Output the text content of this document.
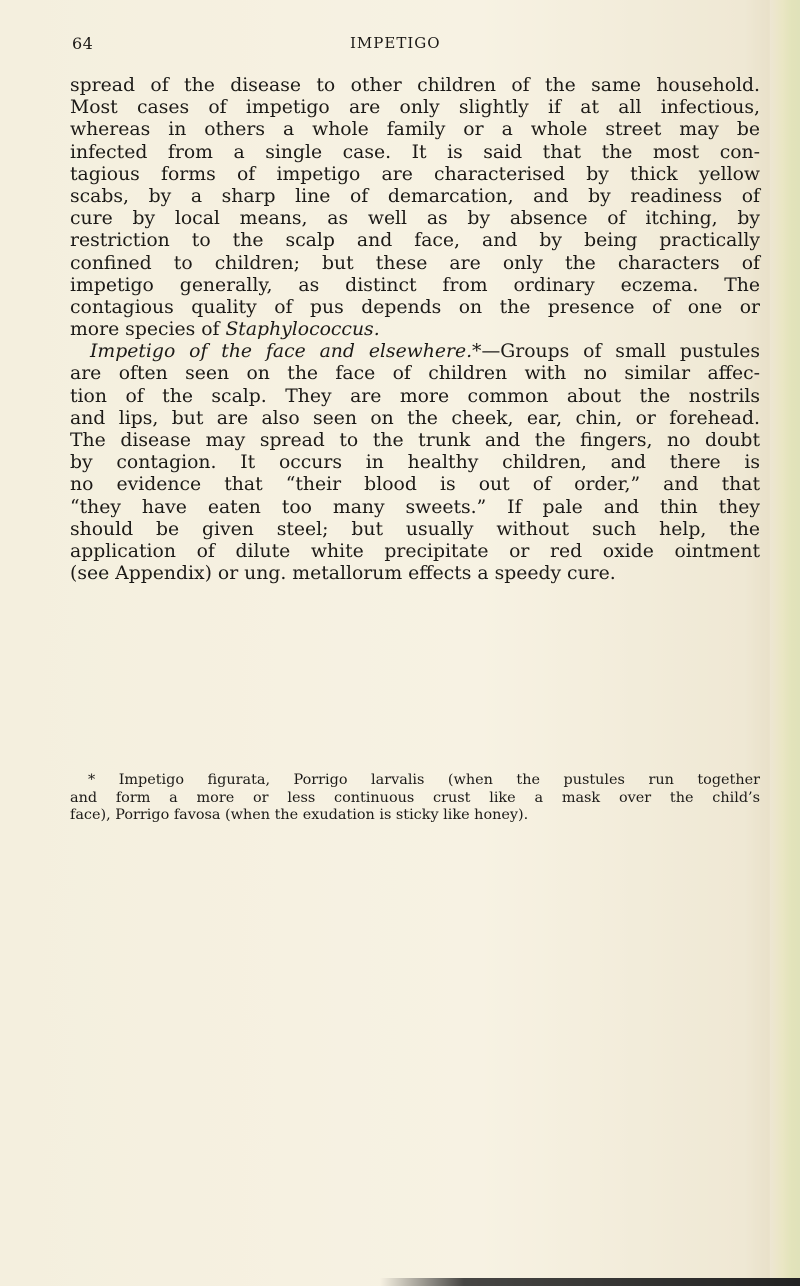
64	IMPETIGO
spread of the disease to other children of the same household.
Most cases of impetigo are only slightly if at all infectious,
whereas in others a whole family or a whole street may be
infected from a single case. It is said that the most con-
tagious forms of impetigo are characterised by thick yellow
scabs, by a sharp line of demarcation, and by readiness of
cure by local means, as well as by absence of itching, by
restriction to the scalp and face, and by being practically
confined to children; but these are only the characters of
impetigo generally, as distinct from ordinary eczema. The
contagious quality of pus depends on the presence of one or
more species of Staphylococcus.
Impetigo of the face and elsewhere.*—Groups of small pustules
are often seen on the face of children with no similar affec-
tion of the scalp. They are more common about the nostrils
and lips, but are also seen on the cheek, ear, chin, or forehead.
The disease may spread to the trunk and the fingers, no doubt
by contagion. It occurs in healthy children, and there is
no evidence that “their blood is out of order,” and that
“they have eaten too many sweets.” If pale and thin they
should be given steel; but usually without such help, the
application of dilute white precipitate or red oxide ointment
(see Appendix) or ung. metallorum effects a speedy cure.
* Impetigo figurata, Porrigo larvalis (when the pustules run together
and form a more or less continuous crust like a mask over the child’s
face), Porrigo favosa (when the exudation is sticky like honey).
